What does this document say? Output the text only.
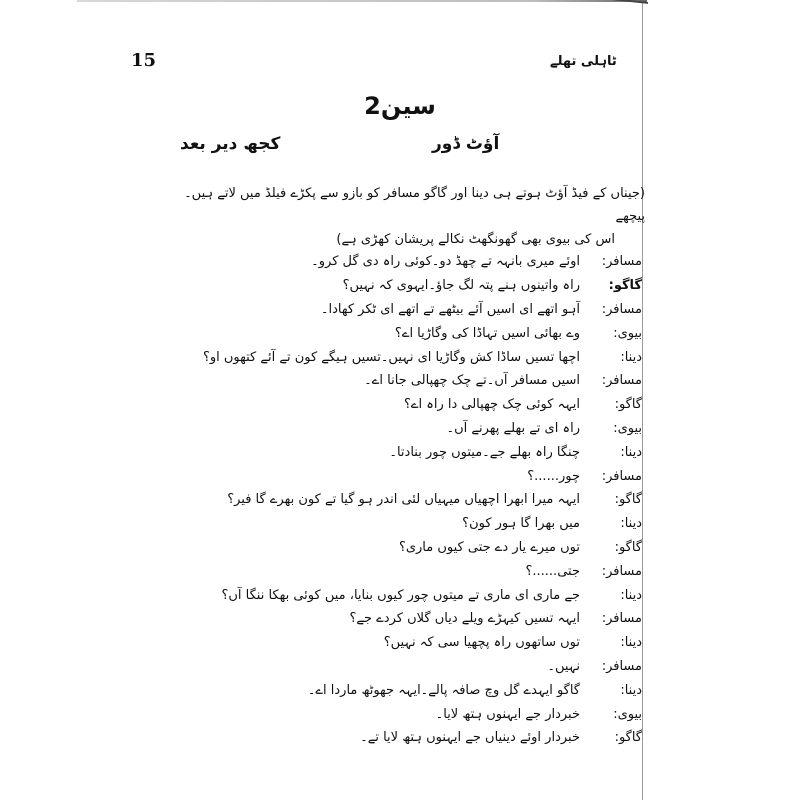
15	ٹاہلی تھلے
سین2
آؤٹ ڈور
کجھ دیر بعد
(جیناں کے فیڈ آؤٹ ہوتے ہی دینا اور گاگو مسافر کو بازو سے پکڑے فیلڈ میں لاتے ہیں۔ پیچھے
اس کی بیوی بھی گھونگھٹ نکالے پریشان کھڑی ہے)
مسافر:
اوئے میری بانہہ تے چھڈ دو۔کوئی راہ دی گل کرو۔
گاگو:
راہ واتینوں ہنے پتہ لگ جاؤ۔ایہوی کہ نہیں؟
مسافر:
آہو اتھے ای اسیں آئے بیٹھے تے اتھے ای ٹکر کھادا۔
بیوی:
وے بھائی اسیں تہاڈا کی وگاڑیا اے؟
دینا:
اچھا تسیں ساڈا کش وگاڑیا ای نہیں۔تسیں ہیگے کون تے آئے کتھوں او؟
مسافر:
اسیں مسافر آں۔تے چک چھپالی جانا اے۔
گاگو:
ایہہ کوئی چک چھپالی دا راہ اے؟
بیوی:
راہ ای تے بھلے پھرنے آں۔
دینا:
چنگا راہ بھلے جے۔میتوں چور بنادتا۔
مسافر:
چور......؟
گاگو:
ایہہ میرا ابھرا اچھیاں میہیاں لئی اندر ہو گیا تے کون بھرے گا فیر؟
دینا:
میں بھرا گا ہور کون؟
گاگو:
توں میرے یار دے جتی کیوں ماری؟
مسافر:
جتی......؟
دینا:
جے ماری ای ماری تے میتوں چور کیوں بنایا، میں کوئی بھکا ننگا آں؟
مسافر:
ایہہ تسیں کیہڑے ویلے دیاں گلاں کردے جے؟
دینا:
توں ساتھوں راہ پچھیا سی کہ نہیں؟
مسافر:
نہیں۔
دینا:
گاگو ایہدے گل وچ صافہ پالے۔ایہہ جھوٹھ ماردا اے۔
بیوی:
خبردار جے ایہنوں ہتھ لایا۔
گاگو:
خبردار اوئے دینیاں جے ایہنوں ہتھ لایا تے۔
